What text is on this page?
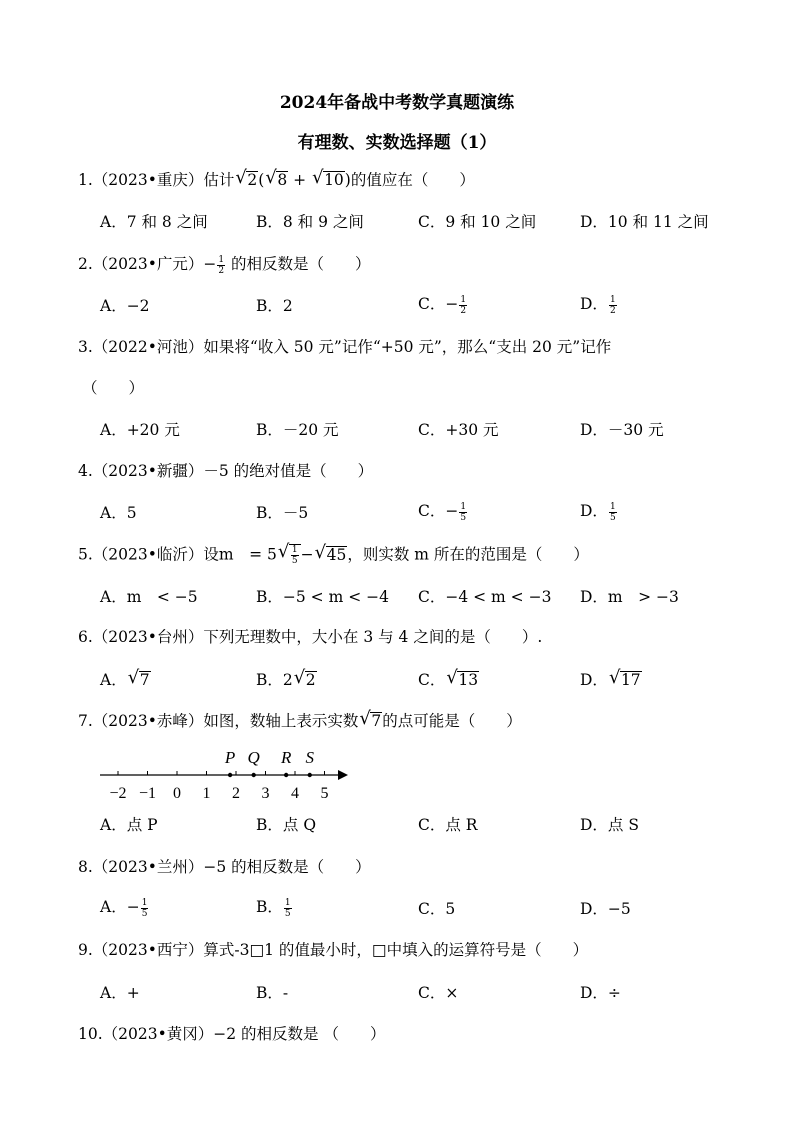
2024年备战中考数学真题演练
有理数、实数选择题（1）
1.（2023•重庆）估计 √ 2( √ 8 + √ 10)的值应在（　　）
A．7 和 8 之间	B．8 和 9 之间	C．9 和 10 之间	D．10 和 11 之间
2.（2023•广元）− $\frac{1}{2}$ 的相反数是（　　）
A．−2	B．2	C．− $\frac{1}{2}$	D． $\frac{1}{2}$
3.（2022•河池）如果将“收入 50 元”记作“+50 元”，那么“支出 20 元”记作
（　　）
A．+20 元	B．－20 元	C．+30 元	D．－30 元
4.（2023•新疆）－5 的绝对值是（　　）
A．5	B．－5	C．− $\frac{1}{5}$	D． $\frac{1}{5}$
5.（2023•临沂）设m　= 5 √ $\frac{1}{5}$ − √ 45，则实数 m 所在的范围是（　　）
A．m　< −5	B．−5 < m < −4 C．−4 < m < −3 D．m　> −3
6.（2023•台州）下列无理数中，大小在 3 与 4 之间的是（　　）.
A． √ 7	B．2 √ 2	C． √ 13	D． √ 17
7.（2023•赤峰）如图，数轴上表示实数 √ 7的点可能是（　　）
−2 −1 0 1 2 3 4 5
P Q R S
A．点 P	B．点 Q	C．点 R	D．点 S
8.（2023•兰州）−5 的相反数是（　　）
A．− $\frac{1}{5}$	B． $\frac{1}{5}$	C．5	D．−5
9.（2023•西宁）算式-3□1 的值最小时，□中填入的运算符号是（　　）
A．+	B．-	C．×	D．÷
10.（2023•黄冈）−2 的相反数是 （　　）
